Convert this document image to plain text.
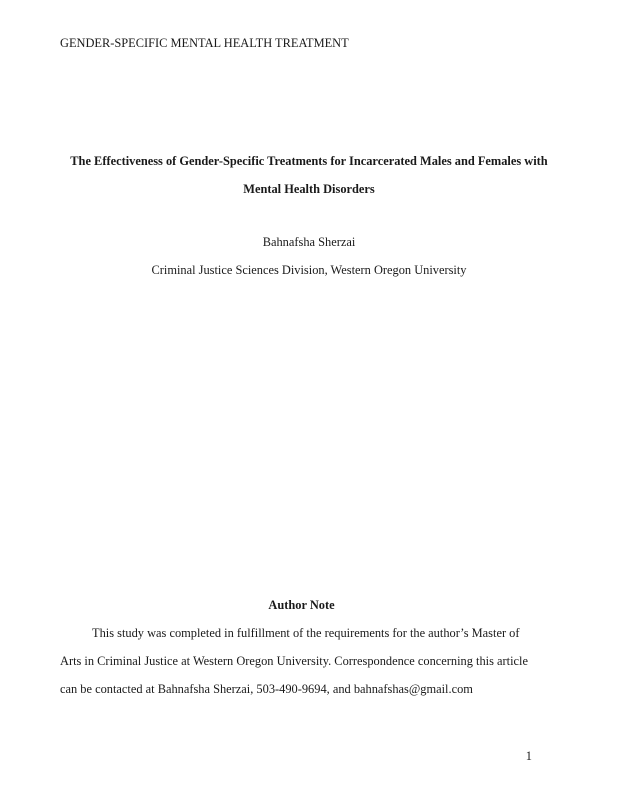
GENDER-SPECIFIC MENTAL HEALTH TREATMENT
The Effectiveness of Gender-Specific Treatments for Incarcerated Males and Females with
Mental Health Disorders
Bahnafsha Sherzai
Criminal Justice Sciences Division, Western Oregon University
Author Note
This study was completed in fulfillment of the requirements for the author’s Master of
Arts in Criminal Justice at Western Oregon University. Correspondence concerning this article
can be contacted at Bahnafsha Sherzai, 503-490-9694, and bahnafshas@gmail.com
1
